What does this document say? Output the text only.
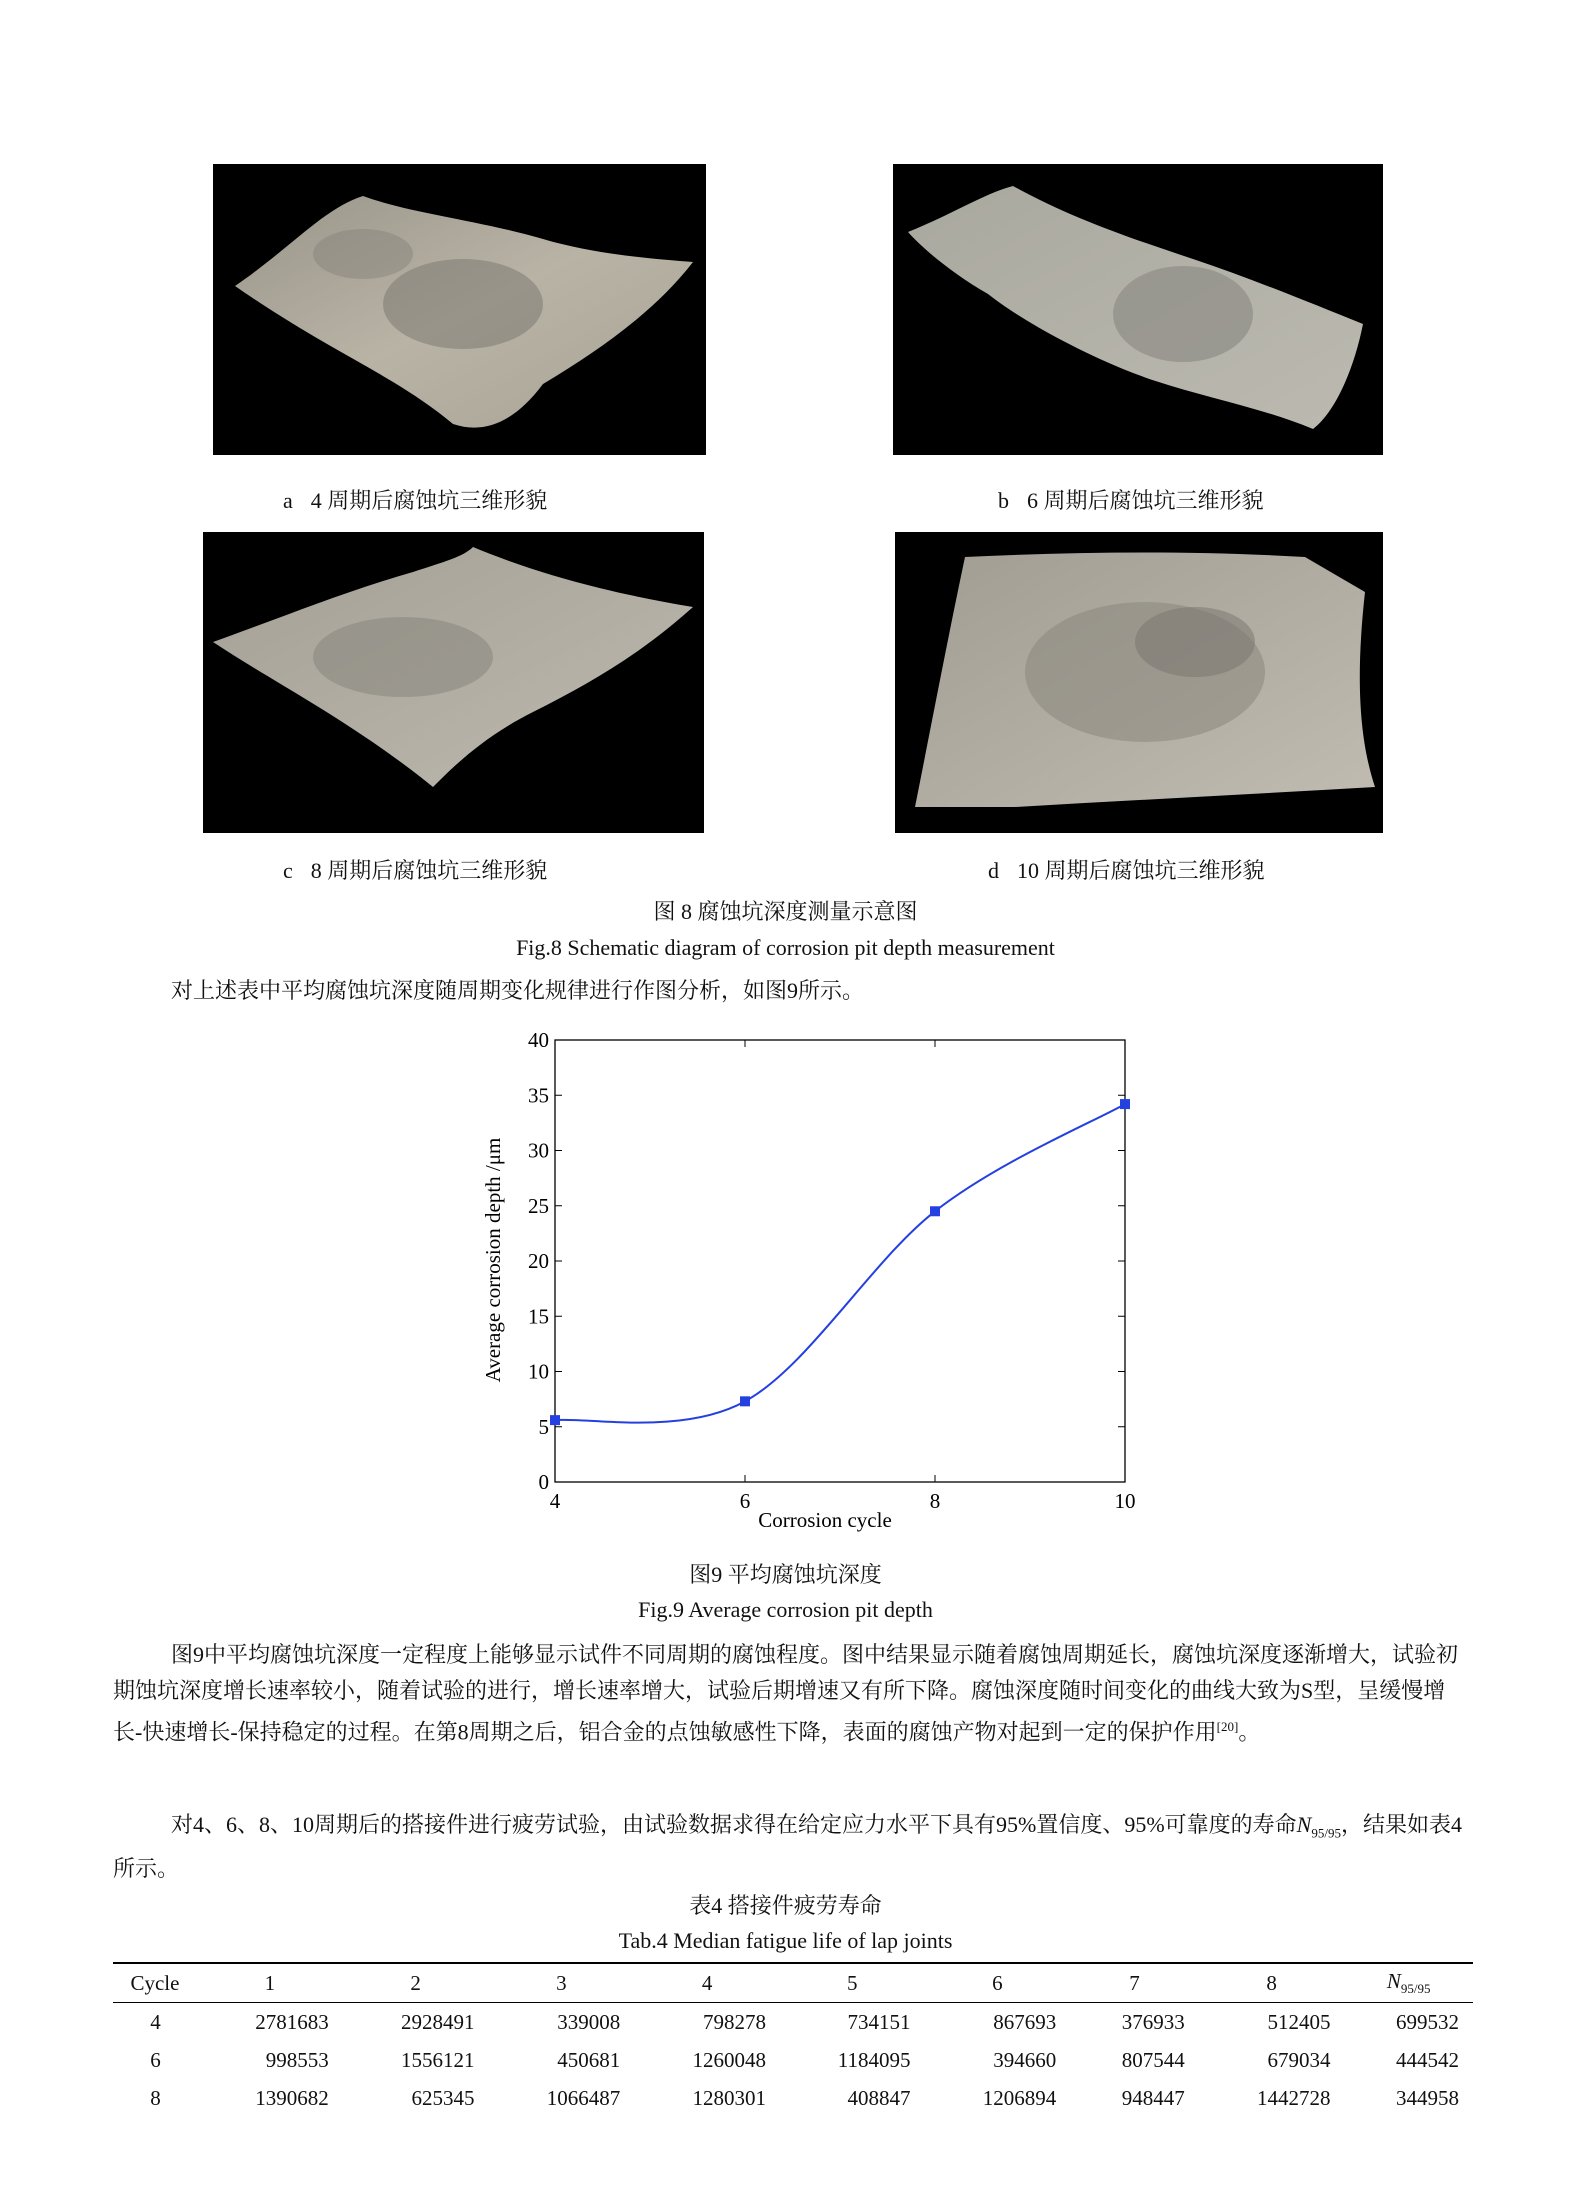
a 4 周期后腐蚀坑三维形貌	b 6 周期后腐蚀坑三维形貌
c 8 周期后腐蚀坑三维形貌	d 10 周期后腐蚀坑三维形貌
图 8 腐蚀坑深度测量示意图
Fig.8 Schematic diagram of corrosion pit depth measurement

对上述表中平均腐蚀坑深度随周期变化规律进行作图分析，如图9所示。

0
5
10
15
20
25
30
35
40
4	6	8	10
Average corrosion depth /μm
Corrosion cycle
图9 平均腐蚀坑深度
Fig.9 Average corrosion pit depth

图9中平均腐蚀坑深度一定程度上能够显示试件不同周期的腐蚀程度。图中结果显示随着腐蚀周期延长，腐蚀坑深度逐渐增大，试验初期蚀坑深度增长速率较小，随着试验的进行，增长速率增大，试验后期增速又有所下降。腐蚀深度随时间变化的曲线大致为S型，呈缓慢增长-快速增长-保持稳定的过程。在第8周期之后，铝合金的点蚀敏感性下降，表面的腐蚀产物对起到一定的保护作用[20]。

对4、6、8、10周期后的搭接件进行疲劳试验，由试验数据求得在给定应力水平下具有95%置信度、95%可靠度的寿命$N_{95/95}$，结果如表4所示。

表4 搭接件疲劳寿命
Tab.4 Median fatigue life of lap joints
Cycle	1	2	3	4	5	6	7	8	$N_{95/95}$
4	2781683	2928491	339008	798278	734151	867693	376933	512405	699532
6	998553	1556121	450681	1260048	1184095	394660	807544	679034	444542
8	1390682	625345	1066487	1280301	408847	1206894	948447	1442728	344958
